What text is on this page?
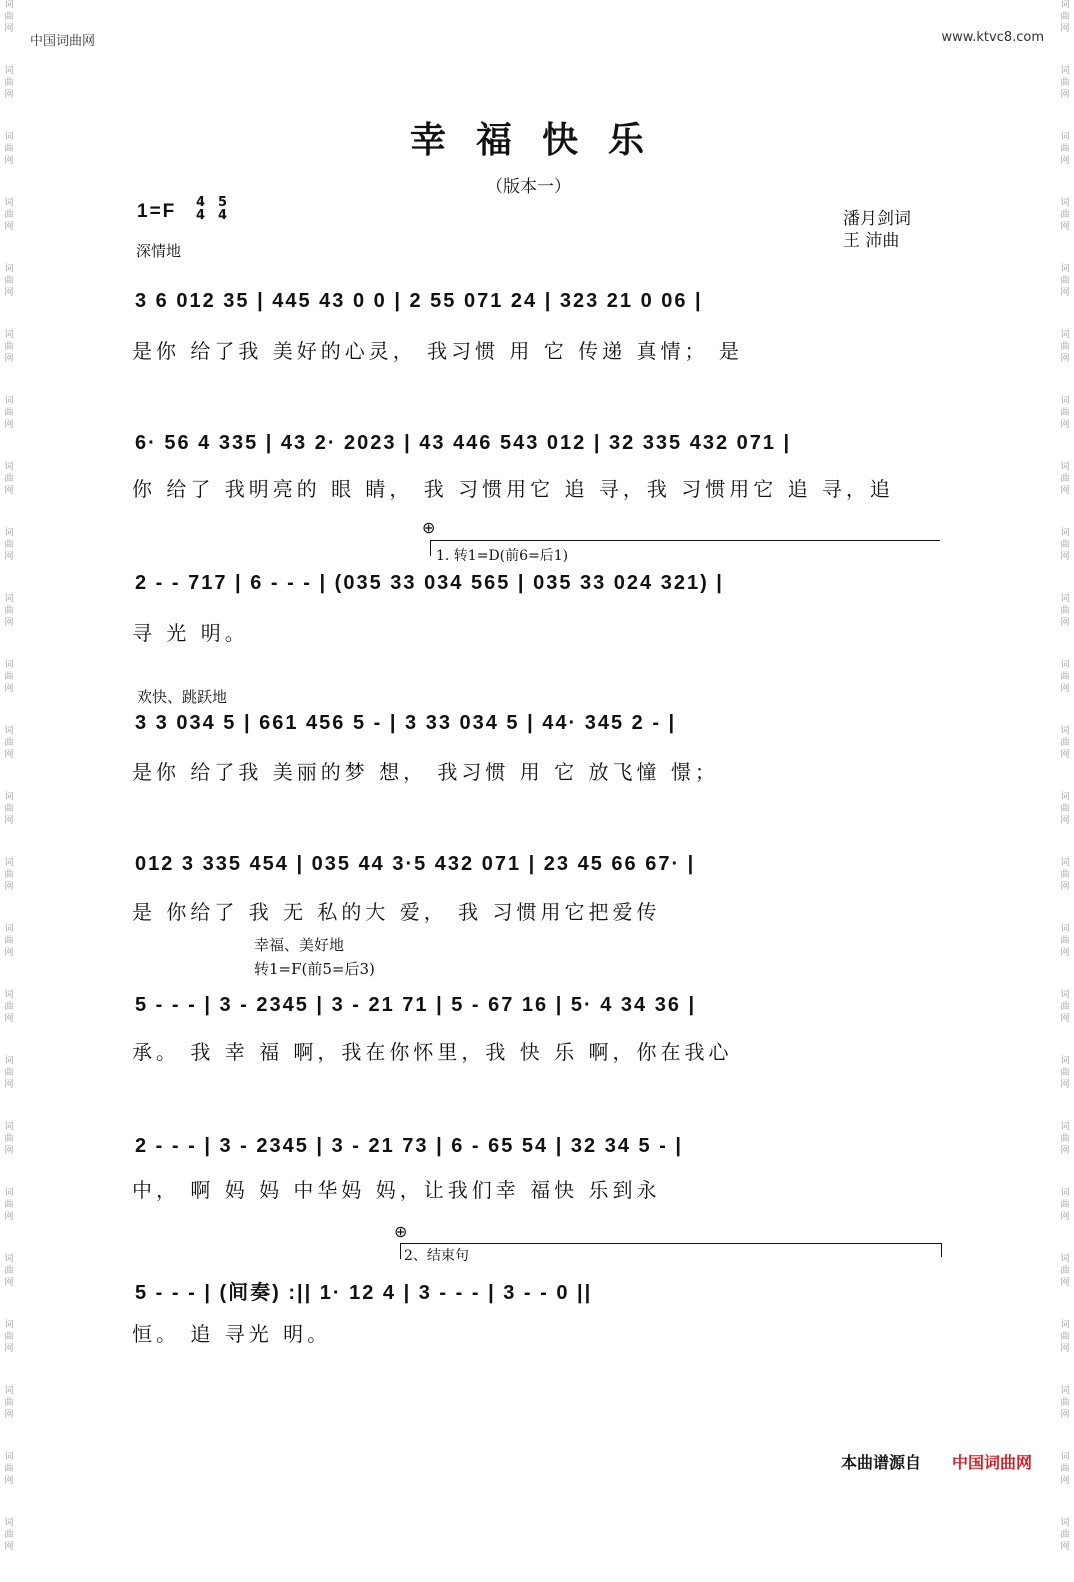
词
曲
网
词
曲
网
词
曲
网
词
曲
网
词
曲
网
词
曲
网
词
曲
网
词
曲
网
词
曲
网
词
曲
网
词
曲
网
词
曲
网
词
曲
网
词
曲
网
词
曲
网
词
曲
网
词
曲
网
词
曲
网
词
曲
网
词
曲
网
词
曲
网
词
曲
网
词
曲
网
词
曲
网
词
曲
网
词
曲
网
词
曲
网
词
曲
网
词
曲
网
词
曲
网
词
曲
网
词
曲
网
词
曲
网
词
曲
网
词
曲
网
词
曲
网
词
曲
网
词
曲
网
词
曲
网
词
曲
网
词
曲
网
词
曲
网
词
曲
网
词
曲
网
词
曲
网
词
曲
网
词
曲
网
词
曲
网
中国词曲网	www.ktvc8.com
幸福快乐
（版本一）
1=F 4
4
5
4
深情地
潘月剑词
王 沛曲
3 6 012 35 | 445 43 0 0 | 2 55 071 24 | 323 21 0 06 |
是你 给了我 美好的心灵， 我习惯 用 它 传递 真情； 是
6· 56 4 335 | 43 2· 2023 | 43 446 543 012 | 32 335 432 071 |
你 给了 我明亮的 眼 睛， 我 习惯用它 追 寻，我 习惯用它 追 寻，追
⊕
1. 转1=D(前6=后1)
2 - - 717 | 6 - - - | (035 33 034 565 | 035 33 024 321) |
寻 光 明。
欢快、跳跃地
3 3 034 5 | 661 456 5 - | 3 33 034 5 | 44· 345 2 - |
是你 给了我 美丽的梦 想， 我习惯 用 它 放飞憧 憬；
012 3 335 454 | 035 44 3·5 432 071 | 23 45 66 67· |
是 你给了 我 无 私的大 爱， 我 习惯用它把爱传
幸福、美好地
转1=F(前5=后3)
5 - - - | 3 - 2345 | 3 - 21 71 | 5 - 67 16 | 5· 4 34 36 |
承。 我 幸 福 啊，我在你怀里，我 快 乐 啊，你在我心
2 - - - | 3 - 2345 | 3 - 21 73 | 6 - 65 54 | 32 34 5 - |
中， 啊 妈 妈 中华妈 妈，让我们幸 福快 乐到永
⊕
2、结束句
5 - - - | (间奏) :|| 1· 12 4 | 3 - - - | 3 - - 0 ||
恒。 追 寻光 明。
本曲谱源自 中国词曲网
